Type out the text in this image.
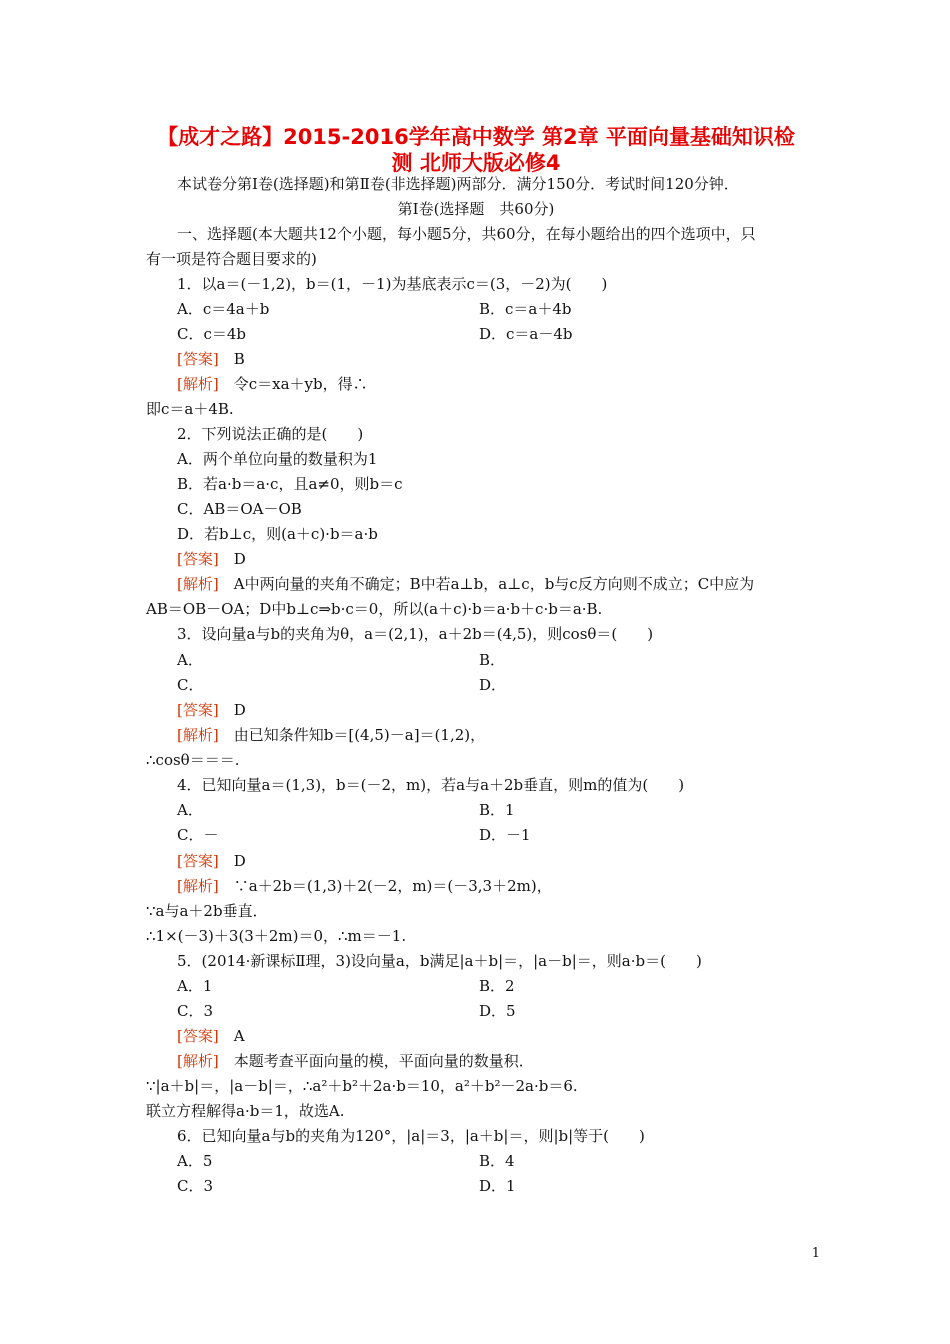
【成才之路】2015-2016学年高中数学 第2章 平面向量基础知识检
测 北师大版必修4
本试卷分第Ⅰ卷(选择题)和第Ⅱ卷(非选择题)两部分．满分150分．考试时间120分钟．
第Ⅰ卷(选择题　共60分)
一、选择题(本大题共12个小题，每小题5分，共60分，在每小题给出的四个选项中，只
有一项是符合题目要求的)
1．以a＝(－1,2)，b＝(1，－1)为基底表示c＝(3，－2)为(　　)
A．c＝4a＋b	B．c＝a＋4b
C．c＝4b	D．c＝a－4b
[答案]　 B
[解析]　 令c＝xa＋yb，得∴
即c＝a＋4B.
2．下列说法正确的是(　　)
A．两个单位向量的数量积为1
B．若a·b＝a·c，且a≠0，则b＝c
C．AB＝OA－OB
D．若b⊥c，则(a＋c)·b＝a·b
[答案]　 D
[解析]　 A中两向量的夹角不确定；B中若a⊥b，a⊥c，b与c反方向则不成立；C中应为
AB＝OB－OA；D中b⊥c⇒b·c＝0，所以(a＋c)·b＝a·b＋c·b＝a·B.
3．设向量a与b的夹角为θ，a＝(2,1)，a＋2b＝(4,5)，则cosθ＝(　　)
A．	B．
C．	D．
[答案]　 D
[解析]　 由已知条件知b＝[(4,5)－a]＝(1,2)，
∴cosθ＝＝＝.
4．已知向量a＝(1,3)，b＝(－2，m)，若a与a＋2b垂直，则m的值为(　　)
A．	B．1
C．－	D．－1
[答案]　 D
[解析]　 ∵a＋2b＝(1,3)＋2(－2，m)＝(－3,3＋2m)，
∵a与a＋2b垂直．
∴1×(－3)＋3(3＋2m)＝0，∴m＝－1.
5．(2014·新课标Ⅱ理，3)设向量a，b满足|a＋b|＝，|a－b|＝，则a·b＝(　　)
A．1	B．2
C．3	D．5
[答案]　 A
[解析]　 本题考查平面向量的模，平面向量的数量积．
∵|a＋b|＝，|a－b|＝，∴a²＋b²＋2a·b＝10，a²＋b²－2a·b＝6.
联立方程解得a·b＝1，故选A.
6．已知向量a与b的夹角为120°，|a|＝3，|a＋b|＝，则|b|等于(　　)
A．5	B．4
C．3	D．1
1
